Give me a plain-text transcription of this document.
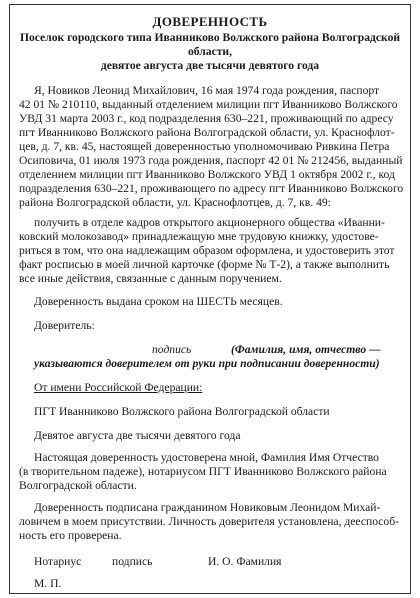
ДОВЕРЕННОСТЬ
Поселок городского типа Иванниково Волжского района Волгоградской
области,
девятое августа две тысячи девятого года
Я, Новиков Леонид Михайлович, 16 мая 1974 года рождения, паспорт
42 01 № 210110, выданный отделением милиции пгт Иванниково Волжского
УВД 31 марта 2003 г., код подразделения 630–221, проживающий по адресу
пгт Иванниково Волжского района Волгоградской области, ул. Краснофлот-
цев, д. 7, кв. 45, настоящей доверенностью уполномочиваю Ривкина Петра
Осиповича, 01 июля 1973 года рождения, паспорт 42 01 № 212456, выданный
отделением милиции пгт Иванниково Волжского УВД 1 октября 2002 г., код
подразделения 630–221, проживающего по адресу пгт Иванниково Волжского
района Волгоградской области, ул. Краснофлотцев, д. 7, кв. 49:
получить в отделе кадров открытого акционерного общества «Иванни-
ковский молокозавод» принадлежащую мне трудовую книжку, удостове-
риться в том, что она надлежащим образом оформлена, и удостоверить этот
факт росписью в моей личной карточке (форме № Т-2), а также выполнить
все иные действия, связанные с данным поручением.
Доверенность выдана сроком на ШЕСТЬ месяцев.
Доверитель:
подпись	(Фамилия, имя, отчество —
указываются доверителем от руки при подписании доверенности)
От имени Российской Федерации:
ПГТ Иванниково Волжского района Волгоградской области
Девятое августа две тысячи девятого года
Настоящая доверенность удостоверена мной, Фамилия Имя Отчество
(в творительном падеже), нотариусом ПГТ Иванниково Волжского района
Волгоградской области.
Доверенность подписана гражданином Новиковым Леонидом Михай-
ловичем в моем присутствии. Личность доверителя установлена, дееспособ-
ность его проверена.
Нотариус	подпись	И. О. Фамилия
М. П.
